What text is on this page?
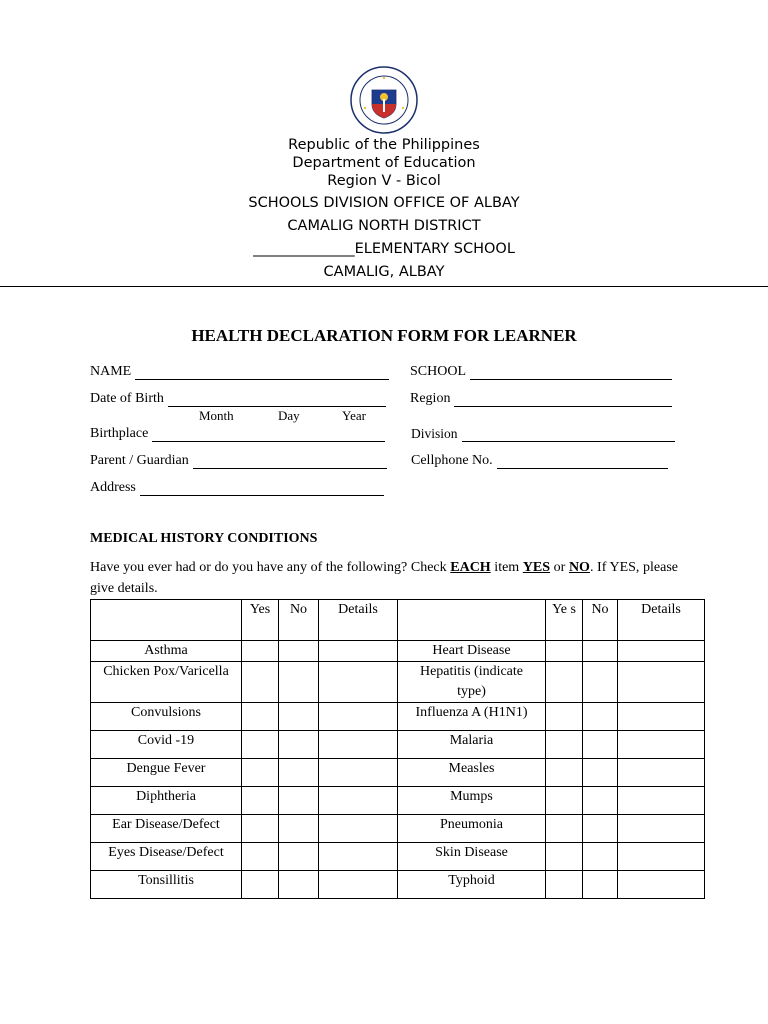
Republic of the Philippines
Department of Education
Region V - Bicol
SCHOOLS DIVISION OFFICE OF ALBAY
CAMALIG NORTH DISTRICT
______________ELEMENTARY SCHOOL
CAMALIG, ALBAY
HEALTH DECLARATION FORM FOR LEARNER
NAME	SCHOOL
Date of Birth	Region
Month	Day	Year
Birthplace	Division
Parent / Guardian	Cellphone No.
Address
MEDICAL HISTORY CONDITIONS
Have you ever had or do you have any of the following? Check EACH item YES or NO. If YES, please give details.
	Yes	No	Details		Ye s	No	Details
Asthma				Heart Disease			
Chicken Pox/Varicella				Hepatitis (indicate type)			
Convulsions				Influenza A (H1N1)			
Covid -19				Malaria			
Dengue Fever				Measles			
Diphtheria				Mumps			
Ear Disease/Defect				Pneumonia			
Eyes Disease/Defect				Skin Disease			
Tonsillitis				Typhoid			
